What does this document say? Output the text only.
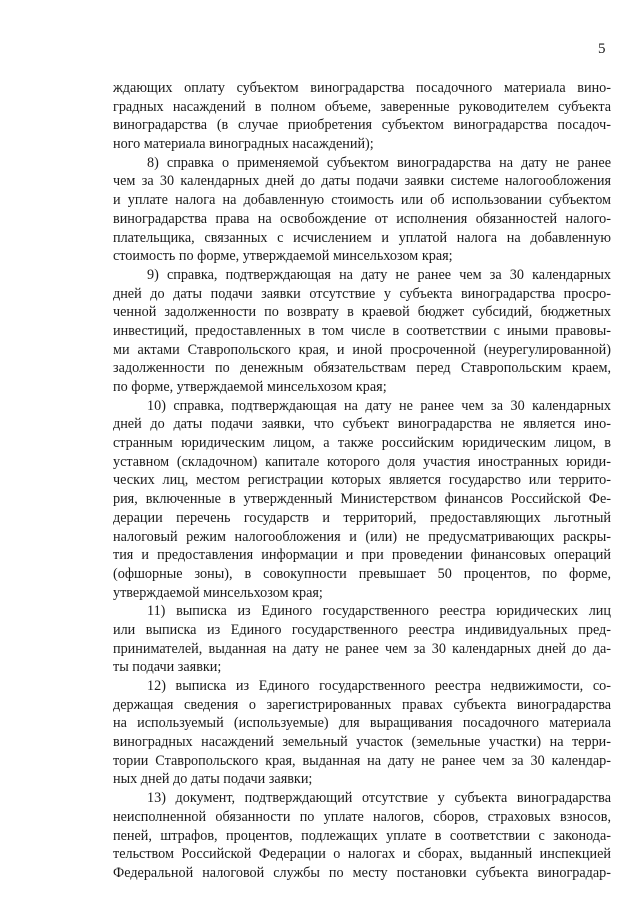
5
ждающих оплату субъектом виноградарства посадочного материала вино-
градных насаждений в полном объеме, заверенные руководителем субъекта
виноградарства (в случае приобретения субъектом виноградарства посадоч-
ного материала виноградных насаждений);
8) справка о применяемой субъектом виноградарства на дату не ранее
чем за 30 календарных дней до даты подачи заявки системе налогообложения
и уплате налога на добавленную стоимость или об использовании субъектом
виноградарства права на освобождение от исполнения обязанностей налого-
плательщика, связанных с исчислением и уплатой налога на добавленную
стоимость по форме, утверждаемой минсельхозом края;
9) справка, подтверждающая на дату не ранее чем за 30 календарных
дней до даты подачи заявки отсутствие у субъекта виноградарства просро-
ченной задолженности по возврату в краевой бюджет субсидий, бюджетных
инвестиций, предоставленных в том числе в соответствии с иными правовы-
ми актами Ставропольского края, и иной просроченной (неурегулированной)
задолженности по денежным обязательствам перед Ставропольским краем,
по форме, утверждаемой минсельхозом края;
10) справка, подтверждающая на дату не ранее чем за 30 календарных
дней до даты подачи заявки, что субъект виноградарства не является ино-
странным юридическим лицом, а также российским юридическим лицом, в
уставном (складочном) капитале которого доля участия иностранных юриди-
ческих лиц, местом регистрации которых является государство или террито-
рия, включенные в утвержденный Министерством финансов Российской Фе-
дерации перечень государств и территорий, предоставляющих льготный
налоговый режим налогообложения и (или) не предусматривающих раскры-
тия и предоставления информации и при проведении финансовых операций
(офшорные зоны), в совокупности превышает 50 процентов, по форме,
утверждаемой минсельхозом края;
11) выписка из Единого государственного реестра юридических лиц
или выписка из Единого государственного реестра индивидуальных пред-
принимателей, выданная на дату не ранее чем за 30 календарных дней до да-
ты подачи заявки;
12) выписка из Единого государственного реестра недвижимости, со-
держащая сведения о зарегистрированных правах субъекта виноградарства
на используемый (используемые) для выращивания посадочного материала
виноградных насаждений земельный участок (земельные участки) на терри-
тории Ставропольского края, выданная на дату не ранее чем за 30 календар-
ных дней до даты подачи заявки;
13) документ, подтверждающий отсутствие у субъекта виноградарства
неисполненной обязанности по уплате налогов, сборов, страховых взносов,
пеней, штрафов, процентов, подлежащих уплате в соответствии с законода-
тельством Российской Федерации о налогах и сборах, выданный инспекцией
Федеральной налоговой службы по месту постановки субъекта виноградар-
